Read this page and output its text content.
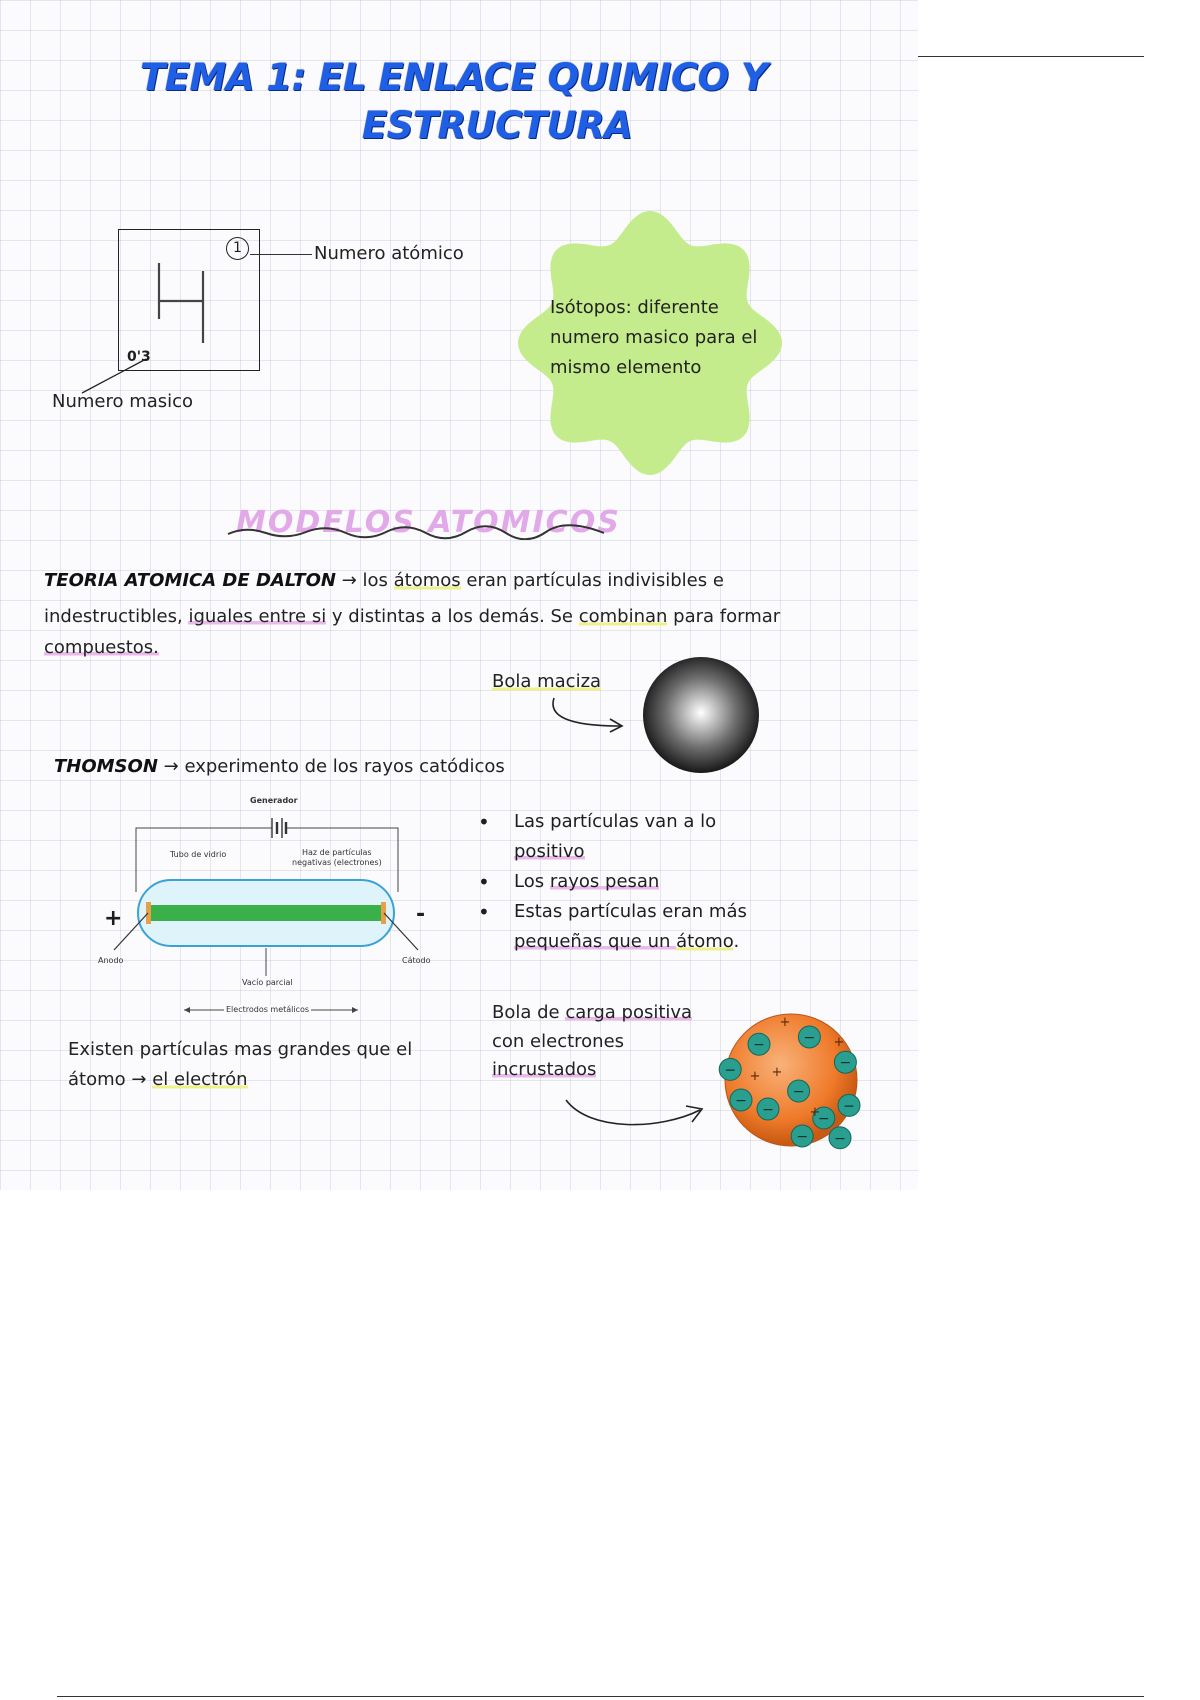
TEMA 1: EL ENLACE QUIMICO Y
ESTRUCTURA
1
0'3
Numero atómico
Numero masico
Isótopos: diferente
numero masico para el
mismo elemento
MODELOS ATOMICOS
TEORIA ATOMICA DE DALTON → los átomos eran partículas indivisibles e
indestructibles, iguales entre si y distintas a los demás. Se combinan para formar
compuestos.
Bola maciza
THOMSON → experimento de los rayos catódicos
Generador
Tubo de vidrio	Haz de partículas
negativas (electrones)
+	-
Anodo	Cátodo
Vacío parcial
Electrodos metálicos
• Las partículas van a lo
positivo
• Los rayos pesan
• Estas partículas eran más
pequeñas que un átomo.
Existen partículas mas grandes que el
átomo → el electrón
Bola de carga positiva
con electrones
incrustados
−	−
−
−
−
−
−
−
− −
−
+
+
+
+
+
